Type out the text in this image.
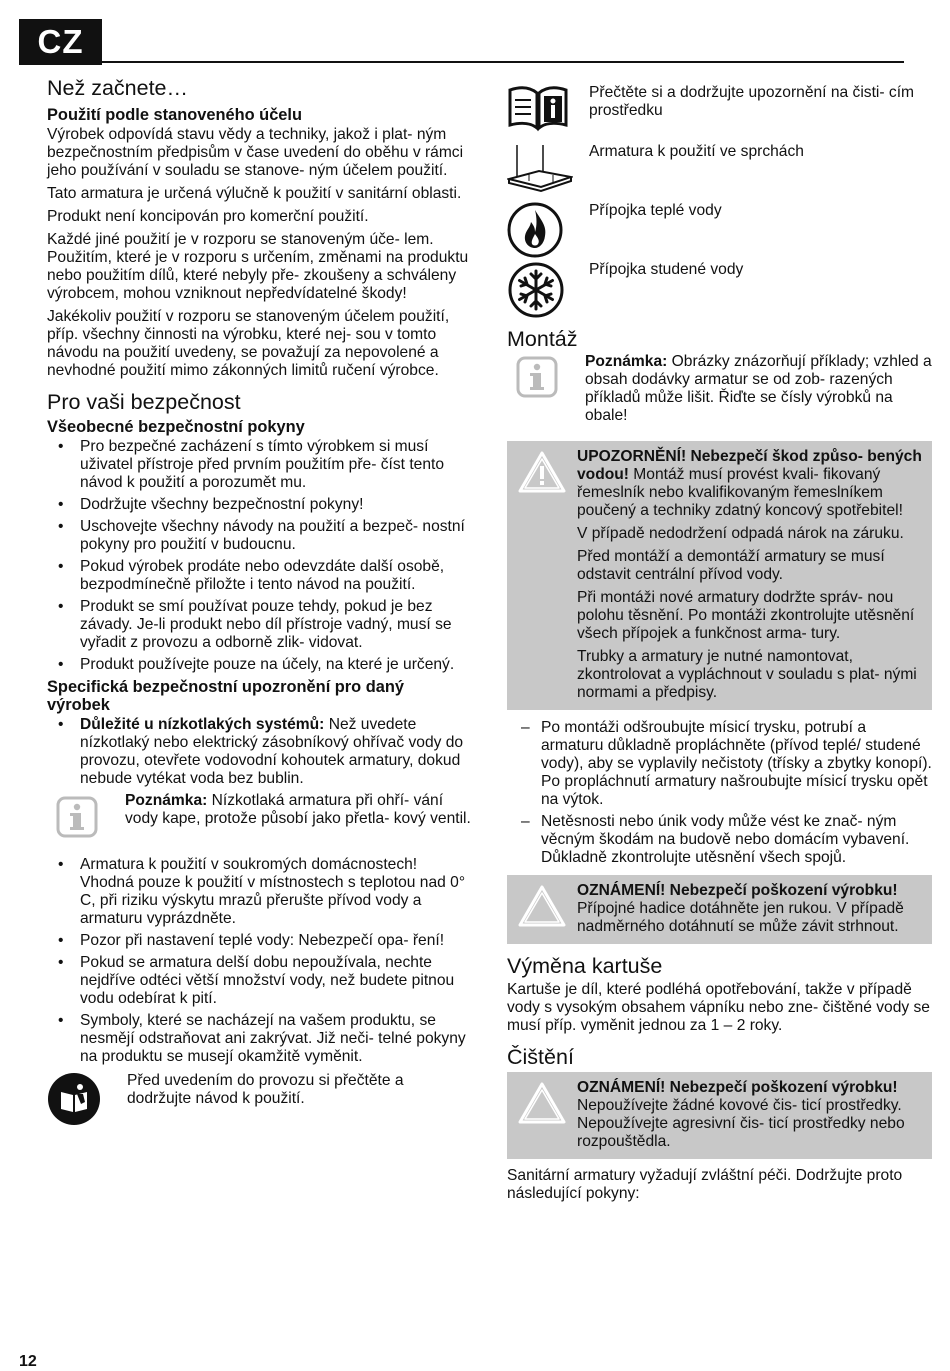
CZ
Než začnete…
Použití podle stanoveného účelu

Výrobek odpovídá stavu vědy a techniky, jakož i plat- ným bezpečnostním předpisům v čase uvedení do oběhu v rámci jeho používání v souladu se stanove- ným účelem použití.

Tato armatura je určená výlučně k použití v sanitární oblasti.

Produkt není koncipován pro komerční použití.

Každé jiné použití je v rozporu se stanoveným úče- lem. Použitím, které je v rozporu s určením, změnami na produktu nebo použitím dílů, které nebyly pře- zkoušeny a schváleny výrobcem, mohou vzniknout nepředvídatelné škody!

Jakékoliv použití v rozporu se stanoveným účelem použití, příp. všechny činnosti na výrobku, které nej- sou v tomto návodu na použití uvedeny, se považují za nepovolené a nevhodné použití mimo zákonných limitů ručení výrobce.

Pro vaši bezpečnost
Všeobecné bezpečnostní pokyny
• Pro bezpečné zacházení s tímto výrobkem si musí uživatel přístroje před prvním použitím pře- číst tento návod k použití a porozumět mu.
• Dodržujte všechny bezpečnostní pokyny!
• Uschovejte všechny návody na použití a bezpeč- nostní pokyny pro použití v budoucnu.
• Pokud výrobek prodáte nebo odevzdáte další osobě, bezpodmínečně přiložte i tento návod na použití.
• Produkt se smí používat pouze tehdy, pokud je bez závady. Je-li produkt nebo díl přístroje vadný, musí se vyřadit z provozu a odborně zlik- vidovat.
• Produkt používejte pouze na účely, na které je určený.
Specifická bezpečnostní upozronění pro daný výrobek
• Důležité u nízkotlakých systémů: Než uvedete nízkotlaký nebo elektrický zásobníkový ohřívač vody do provozu, otevřete vodovodní kohoutek armatury, dokud nebude vytékat voda bez bublin.
Poznámka: Nízkotlaká armatura při ohří- vání vody kape, protože působí jako přetla- kový ventil.
• Armatura k použití v soukromých domácnostech! Vhodná pouze k použití v místnostech s teplotou nad 0° C, při riziku výskytu mrazů přerušte přívod vody a armaturu vyprázdněte.
• Pozor při nastavení teplé vody: Nebezpečí opa- ření!
• Pokud se armatura delší dobu nepoužívala, nechte nejdříve odtéci větší množství vody, než budete pitnou vodu odebírat k pití.
• Symboly, které se nacházejí na vašem produktu, se nesmějí odstraňovat ani zakrývat. Již neči- telné pokyny na produktu se musejí okamžitě vyměnit.
Před uvedením do provozu si přečtěte a dodržujte návod k použití.
Přečtěte si a dodržujte upozornění na čisti- cím prostředku
Armatura k použití ve sprchách
Přípojka teplé vody
Přípojka studené vody
Montáž
Poznámka: Obrázky znázorňují příklady; vzhled a obsah dodávky armatur se od zob- razených příkladů může lišit. Řiďte se čísly výrobků na obale!

UPOZORNĚNÍ! Nebezpečí škod způso- bených vodou! Montáž musí provést kvali- fikovaný řemeslník nebo kvalifikovaným řemeslníkem poučený a techniky zdatný koncový spotřebitel!

V případě nedodržení odpadá nárok na záruku.

Před montáží a demontáží armatury se musí odstavit centrální přívod vody.

Při montáži nové armatury dodržte správ- nou polohu těsnění. Po montáži zkontrolujte utěsnění všech přípojek a funkčnost arma- tury.

Trubky a armatury je nutné namontovat, zkontrolovat a vypláchnout v souladu s plat- nými normami a předpisy.

– Po montáži odšroubujte mísicí trysku, potrubí a armaturu důkladně propláchněte (přívod teplé/ studené vody), aby se vyplavily nečistoty (třísky a zbytky konopí). Po propláchnutí armatury našroubujte mísicí trysku opět na výtok.
– Netěsnosti nebo únik vody může vést ke znač- ným věcným škodám na budově nebo domácím vybavení. Důkladně zkontrolujte utěsnění všech spojů.
OZNÁMENÍ! Nebezpečí poškození výrobku! Přípojné hadice dotáhněte jen rukou. V případě nadměrného dotáhnutí se může závit strhnout.
Výměna kartuše

Kartuše je díl, které podléhá opotřebování, takže v případě vody s vysokým obsahem vápníku nebo zne- čištěné vody se musí příp. vyměnit jednou za 1 – 2 roky.

Čištění
OZNÁMENÍ! Nebezpečí poškození výrobku! Nepoužívejte žádné kovové čis- ticí prostředky. Nepoužívejte agresivní čis- ticí prostředky nebo rozpouštědla.

Sanitární armatury vyžadují zvláštní péči. Dodržujte proto následující pokyny:

12
